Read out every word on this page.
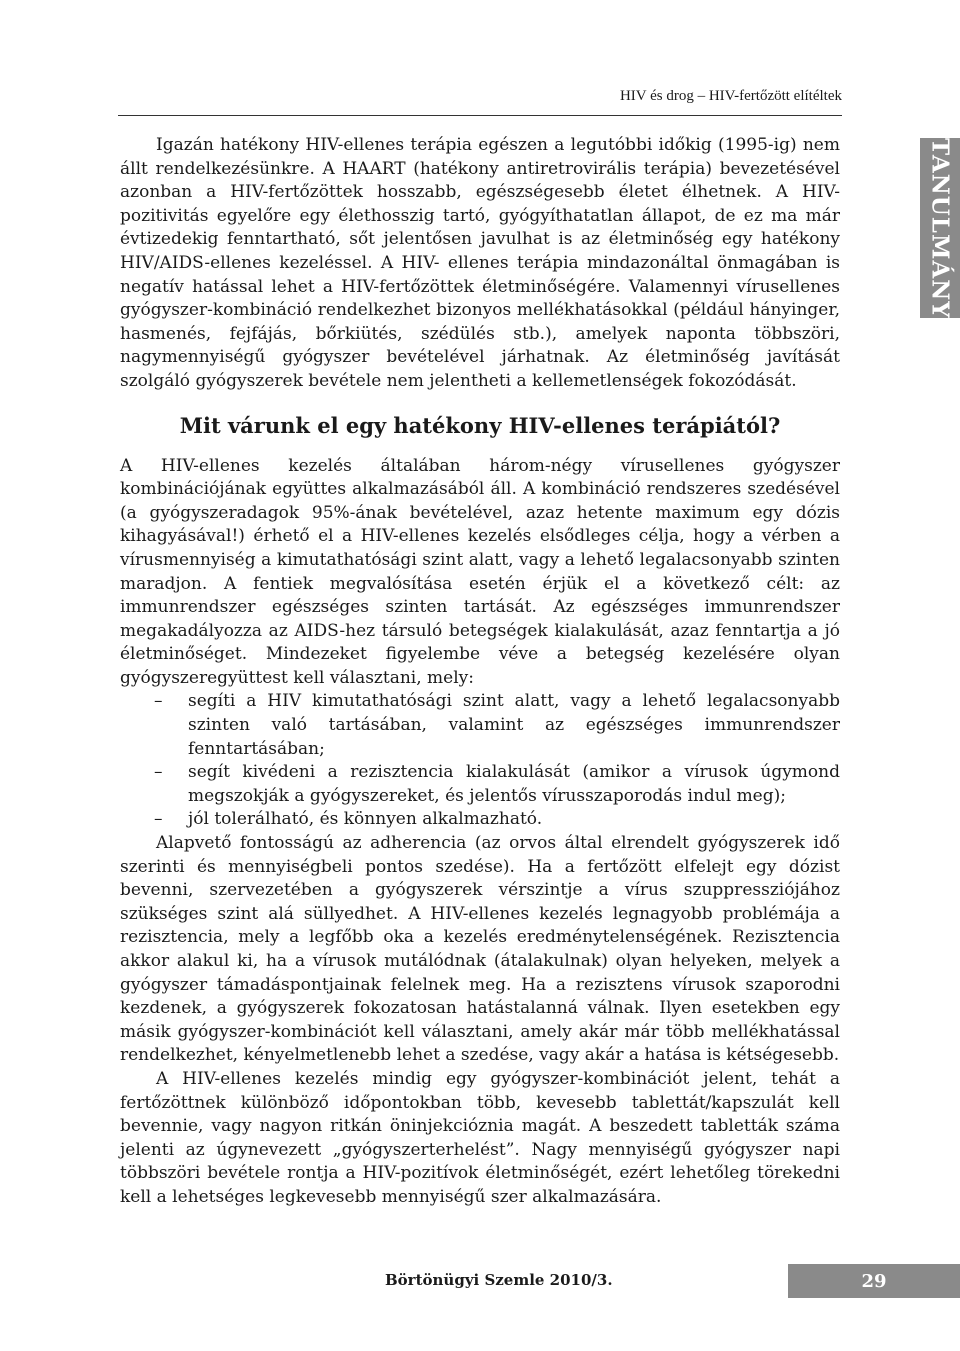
HIV és drog – HIV-fertőzött elítéltek
TANULMÁNY

Igazán hatékony HIV-ellenes terápia egészen a legutóbbi időkig (1995-ig) nem állt rendelkezésünkre. A HAART (hatékony antiretrovirális terápia) bevezetésével azonban a HIV-fertőzöttek hosszabb, egészségesebb életet élhetnek. A HIV-pozitivitás egyelőre egy élethosszig tartó, gyógyíthatatlan állapot, de ez ma már évtizedekig fenntartható, sőt jelentősen javulhat is az életminőség egy hatékony HIV/AIDS-ellenes kezeléssel. A HIV- ellenes terápia mindazonáltal önmagában is negatív hatással lehet a HIV-fertőzöttek életminőségére. Valamennyi vírusellenes gyógyszer-kombináció rendelkezhet bizonyos mellékhatásokkal (például hányinger, hasmenés, fejfájás, bőrkiütés, szédülés stb.), amelyek naponta többszöri, nagymennyiségű gyógyszer bevételével járhatnak. Az életminőség javítását szolgáló gyógyszerek bevétele nem jelentheti a kellemetlenségek fokozódását.

Mit várunk el egy hatékony HIV-ellenes terápiától?

A HIV-ellenes kezelés általában három-négy vírusellenes gyógyszer kombinációjának együttes alkalmazásából áll. A kombináció rendszeres szedésével (a gyógyszeradagok 95%-ának bevételével, azaz hetente maximum egy dózis kihagyásával!) érhető el a HIV-ellenes kezelés elsődleges célja, hogy a vérben a vírusmennyiség a kimutathatósági szint alatt, vagy a lehető legalacsonyabb szinten maradjon. A fentiek megvalósítása esetén érjük el a következő célt: az immunrendszer egészséges szinten tartását. Az egészséges immunrendszer megakadályozza az AIDS-hez társuló betegségek kialakulását, azaz fenntartja a jó életminőséget. Mindezeket figyelembe véve a betegség kezelésére olyan gyógyszeregyüttest kell választani, mely:

– segíti a HIV kimutathatósági szint alatt, vagy a lehető legalacsonyabb szinten való tartásában, valamint az egészséges immunrendszer fenntartásában;
– segít kivédeni a rezisztencia kialakulását (amikor a vírusok úgymond megszokják a gyógyszereket, és jelentős vírusszaporodás indul meg);
– jól tolerálható, és könnyen alkalmazható.

Alapvető fontosságú az adherencia (az orvos által elrendelt gyógyszerek idő szerinti és mennyiségbeli pontos szedése). Ha a fertőzött elfelejt egy dózist bevenni, szervezetében a gyógyszerek vérszintje a vírus szuppressziójához szükséges szint alá süllyedhet. A HIV-ellenes kezelés legnagyobb problémája a rezisztencia, mely a legfőbb oka a kezelés eredménytelenségének. Rezisztencia akkor alakul ki, ha a vírusok mutálódnak (átalakulnak) olyan helyeken, melyek a gyógyszer támadáspontjainak felelnek meg. Ha a rezisztens vírusok szaporodni kezdenek, a gyógyszerek fokozatosan hatástalanná válnak. Ilyen esetekben egy másik gyógyszer-kombinációt kell választani, amely akár már több mellékhatással rendelkezhet, kényelmetlenebb lehet a szedése, vagy akár a hatása is kétségesebb.

A HIV-ellenes kezelés mindig egy gyógyszer-kombinációt jelent, tehát a fertőzöttnek különböző időpontokban több, kevesebb tablettát/kapszulát kell bevennie, vagy nagyon ritkán öninjekcióznia magát. A beszedett tabletták száma jelenti az úgynevezett „gyógyszerterhelést”. Nagy mennyiségű gyógyszer napi többszöri bevétele rontja a HIV-pozitívok életminőségét, ezért lehetőleg törekedni kell a lehetséges legkevesebb mennyiségű szer alkalmazására.

Börtönügyi Szemle 2010/3.	29
